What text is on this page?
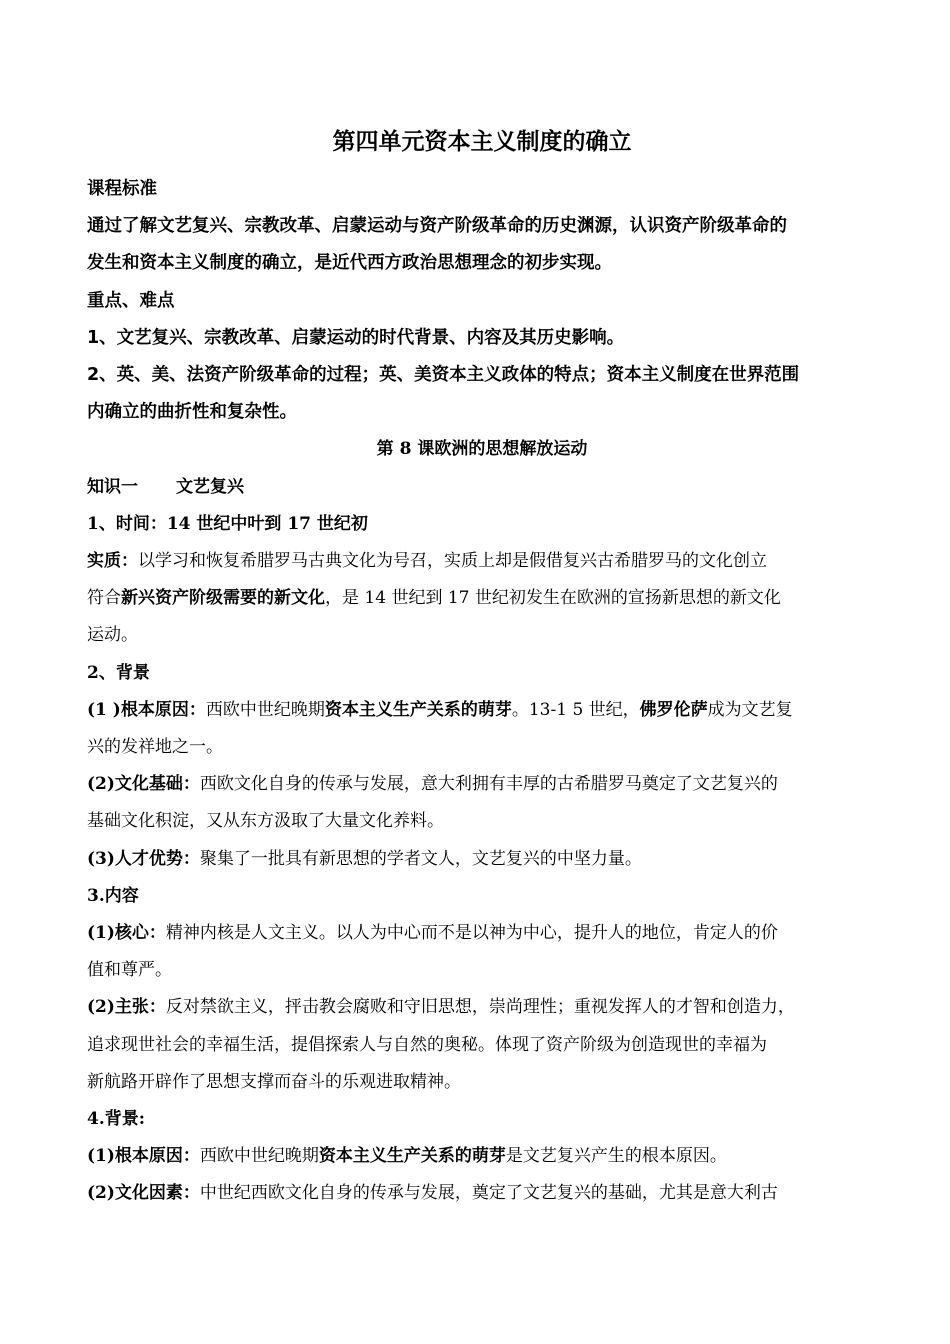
第四单元资本主义制度的确立

课程标准

通过了解文艺复兴、宗教改革、启蒙运动与资产阶级革命的历史渊源，认识资产阶级革命的

发生和资本主义制度的确立，是近代西方政治思想理念的初步实现。

重点、难点

1、文艺复兴、宗教改革、启蒙运动的时代背景、内容及其历史影响。

2、英、美、法资产阶级革命的过程；英、美资本主义政体的特点；资本主义制度在世界范围

内确立的曲折性和复杂性。

第 8 课欧洲的思想解放运动

知识一 文艺复兴

1、时间：14 世纪中叶到 17 世纪初

实质：以学习和恢复希腊罗马古典文化为号召，实质上却是假借复兴古希腊罗马的文化创立

符合新兴资产阶级需要的新文化，是 14 世纪到 17 世纪初发生在欧洲的宣扬新思想的新文化

运动。

2、背景

(1 )根本原因：西欧中世纪晚期资本主义生产关系的萌芽。13-1 5 世纪，佛罗伦萨成为文艺复

兴的发祥地之一。

(2)文化基础：西欧文化自身的传承与发展，意大利拥有丰厚的古希腊罗马奠定了文艺复兴的

基础文化积淀，又从东方汲取了大量文化养料。

(3)人才优势：聚集了一批具有新思想的学者文人，文艺复兴的中坚力量。

3.内容

(1)核心：精神内核是人文主义。以人为中心而不是以神为中心，提升人的地位，肯定人的价

值和尊严。

(2)主张：反对禁欲主义，抨击教会腐败和守旧思想，崇尚理性；重视发挥人的才智和创造力，

追求现世社会的幸福生活，提倡探索人与自然的奥秘。体现了资产阶级为创造现世的幸福为

新航路开辟作了思想支撑而奋斗的乐观进取精神。

4.背景:

(1)根本原因：西欧中世纪晚期资本主义生产关系的萌芽是文艺复兴产生的根本原因。

(2)文化因素：中世纪西欧文化自身的传承与发展，奠定了文艺复兴的基础，尤其是意大利古
